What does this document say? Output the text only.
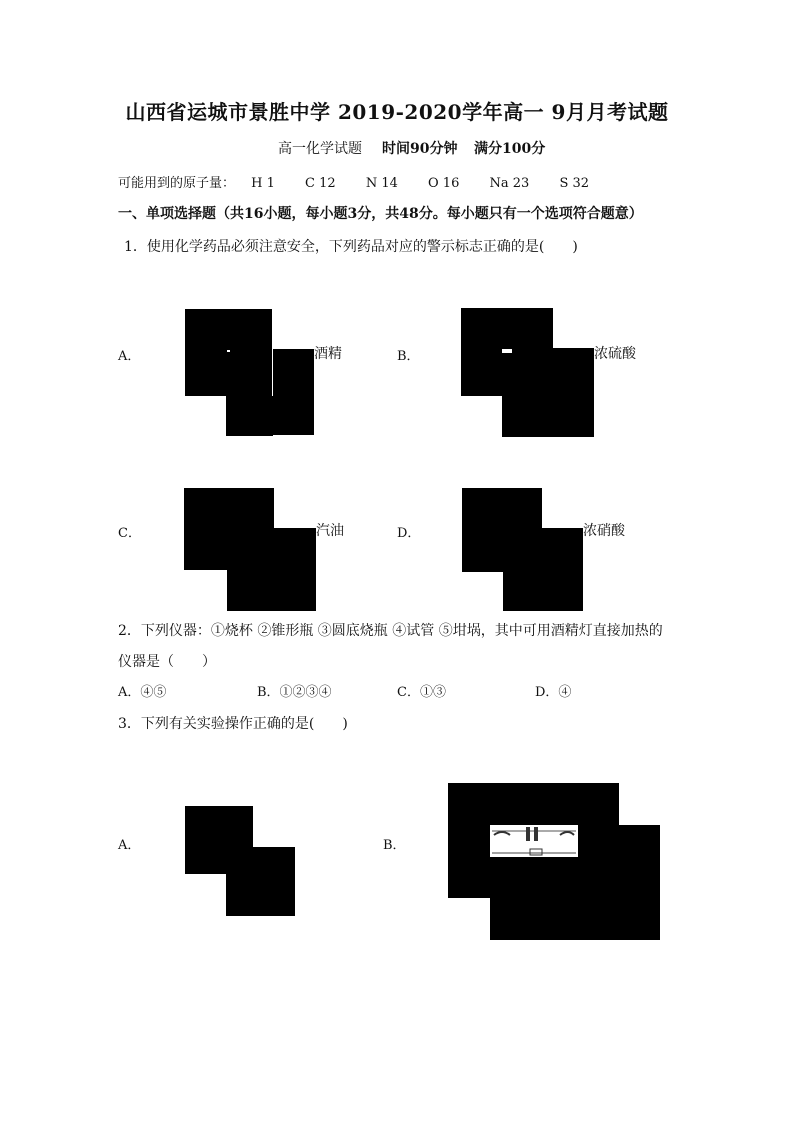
山西省运城市景胜中学 2019-2020学年高一 9月月考试题
高一化学试题 时间90分钟 满分100分
可能用到的原子量： H 1 C 12 N 14 O 16 Na 23 S 32
一、单项选择题（共16小题，每小题3分，共48分。每小题只有一个选项符合题意）
1．使用化学药品必须注意安全，下列药品对应的警示标志正确的是(　　)
A．	酒精	B．	浓硫酸
C．	汽油	D．	浓硝酸
2．下列仪器：①烧杯 ②锥形瓶 ③圆底烧瓶 ④试管 ⑤坩埚，其中可用酒精灯直接加热的
仪器是（　　）
A．④⑤	B．①②③④	C．①③	D．④
3．下列有关实验操作正确的是(　　)
A．	B．
